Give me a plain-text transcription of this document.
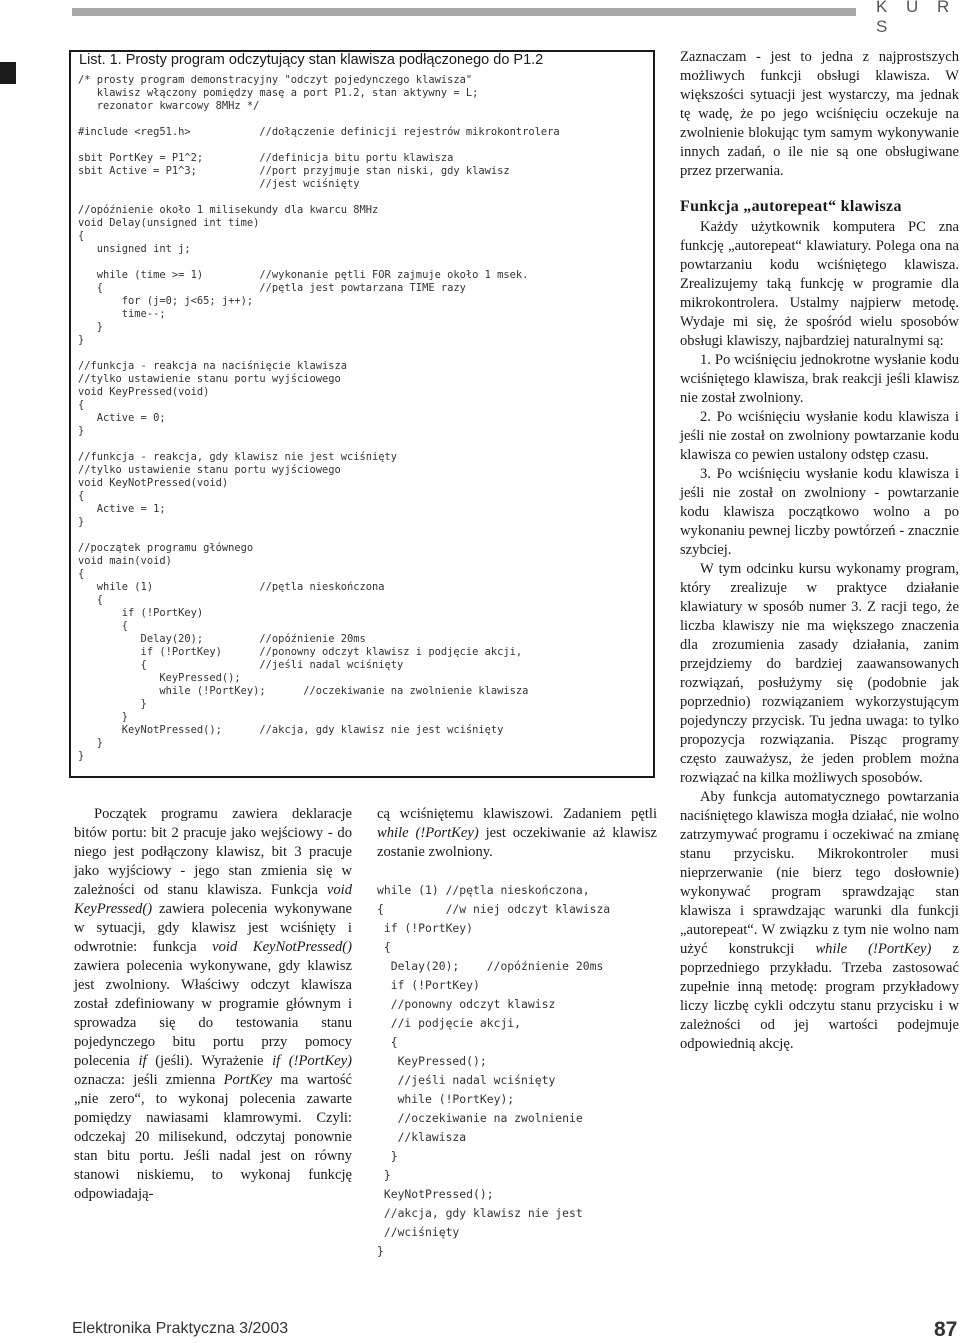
K U R S
List. 1. Prosty program odczytujący stan klawisza podłączonego do P1.2
/* prosty program demonstracyjny "odczyt pojedynczego klawisza"
klawisz włączony pomiędzy masę a port P1.2, stan aktywny = L;
rezonator kwarcowy 8MHz */

#include <reg51.h>           //dołączenie definicji rejestrów mikrokontrolera

sbit PortKey = P1^2;         //definicja bitu portu klawisza
sbit Active = P1^3;          //port przyjmuje stan niski, gdy klawisz
//jest wciśnięty

//opóźnienie około 1 milisekundy dla kwarcu 8MHz
void Delay(unsigned int time)
{
unsigned int j;

while (time >= 1)         //wykonanie pętli FOR zajmuje około 1 msek.
{                         //pętla jest powtarzana TIME razy
for (j=0; j<65; j++);
time--;
}
}

//funkcja - reakcja na naciśnięcie klawisza
//tylko ustawienie stanu portu wyjściowego
void KeyPressed(void)
{
Active = 0;
}

//funkcja - reakcja, gdy klawisz nie jest wciśnięty
//tylko ustawienie stanu portu wyjściowego
void KeyNotPressed(void)
{
Active = 1;
}

//początek programu głównego
void main(void)
{
while (1)                 //pętla nieskończona
{
if (!PortKey)
{
Delay(20);         //opóźnienie 20ms
if (!PortKey)      //ponowny odczyt klawisz i podjęcie akcji,
{                  //jeśli nadal wciśnięty
KeyPressed();
while (!PortKey);      //oczekiwanie na zwolnienie klawisza
}
}
KeyNotPressed();      //akcja, gdy klawisz nie jest wciśnięty
}
}

Początek programu zawiera deklaracje bitów portu: bit 2 pracuje jako wejściowy - do niego jest podłączony klawisz, bit 3 pracuje jako wyjściowy - jego stan zmienia się w zależności od stanu klawisza. Funkcja void KeyPressed() zawiera polecenia wykonywane w sytuacji, gdy klawisz jest wciśnięty i odwrotnie: funkcja void KeyNotPressed() zawiera polecenia wykonywane, gdy klawisz jest zwolniony. Właściwy odczyt klawisza został zdefiniowany w programie głównym i sprowadza się do testowania stanu pojedynczego bitu portu przy pomocy polecenia if (jeśli). Wyrażenie if (!PortKey) oznacza: jeśli zmienna PortKey ma wartość „nie zero“, to wykonaj polecenia zawarte pomiędzy nawiasami klamrowymi. Czyli: odczekaj 20 milisekund, odczytaj ponownie stan bitu portu. Jeśli nadal jest on równy stanowi niskiemu, to wykonaj funkcję odpowiadają-

cą wciśniętemu klawiszowi. Zadaniem pętli while (!PortKey) jest oczekiwanie aż klawisz zostanie zwolniony.

while (1) //pętla nieskończona,
{         //w niej odczyt klawisza
if (!PortKey)
{
Delay(20);    //opóźnienie 20ms
if (!PortKey)
//ponowny odczyt klawisz
//i podjęcie akcji,
{
KeyPressed();
//jeśli nadal wciśnięty
while (!PortKey);
//oczekiwanie na zwolnienie
//klawisza
}
}
KeyNotPressed();
//akcja, gdy klawisz nie jest
//wciśnięty
}

Zaznaczam - jest to jedna z najprostszych możliwych funkcji obsługi klawisza. W większości sytuacji jest wystarczy, ma jednak tę wadę, że po jego wciśnięciu oczekuje na zwolnienie blokując tym samym wykonywanie innych zadań, o ile nie są one obsługiwane przez przerwania.

Funkcja „autorepeat“ klawisza

Każdy użytkownik komputera PC zna funkcję „autorepeat“ klawiatury. Polega ona na powtarzaniu kodu wciśniętego klawisza. Zrealizujemy taką funkcję w programie dla mikrokontrolera. Ustalmy najpierw metodę. Wydaje mi się, że spośród wielu sposobów obsługi klawiszy, najbardziej naturalnymi są:

1. Po wciśnięciu jednokrotne wysłanie kodu wciśniętego klawisza, brak reakcji jeśli klawisz nie został zwolniony.

2. Po wciśnięciu wysłanie kodu klawisza i jeśli nie został on zwolniony powtarzanie kodu klawisza co pewien ustalony odstęp czasu.

3. Po wciśnięciu wysłanie kodu klawisza i jeśli nie został on zwolniony - powtarzanie kodu klawisza początkowo wolno a po wykonaniu pewnej liczby powtórzeń - znacznie szybciej.

W tym odcinku kursu wykonamy program, który zrealizuje w praktyce działanie klawiatury w sposób numer 3. Z racji tego, że liczba klawiszy nie ma większego znaczenia dla zrozumienia zasady działania, zanim przejdziemy do bardziej zaawansowanych rozwiązań, posłużymy się (podobnie jak poprzednio) rozwiązaniem wykorzystującym pojedynczy przycisk. Tu jedna uwaga: to tylko propozycja rozwiązania. Pisząc programy często zauważysz, że jeden problem można rozwiązać na kilka możliwych sposobów.

Aby funkcja automatycznego powtarzania naciśniętego klawisza mogła działać, nie wolno zatrzymywać programu i oczekiwać na zmianę stanu przycisku. Mikrokontroler musi nieprzerwanie (nie bierz tego dosłownie) wykonywać program sprawdzając stan klawisza i sprawdzając warunki dla funkcji „autorepeat“. W związku z tym nie wolno nam użyć konstrukcji while (!PortKey) z poprzedniego przykładu. Trzeba zastosować zupełnie inną metodę: program przykładowy liczy liczbę cykli odczytu stanu przycisku i w zależności od jej wartości podejmuje odpowiednią akcję.

Elektronika Praktyczna 3/2003	87
